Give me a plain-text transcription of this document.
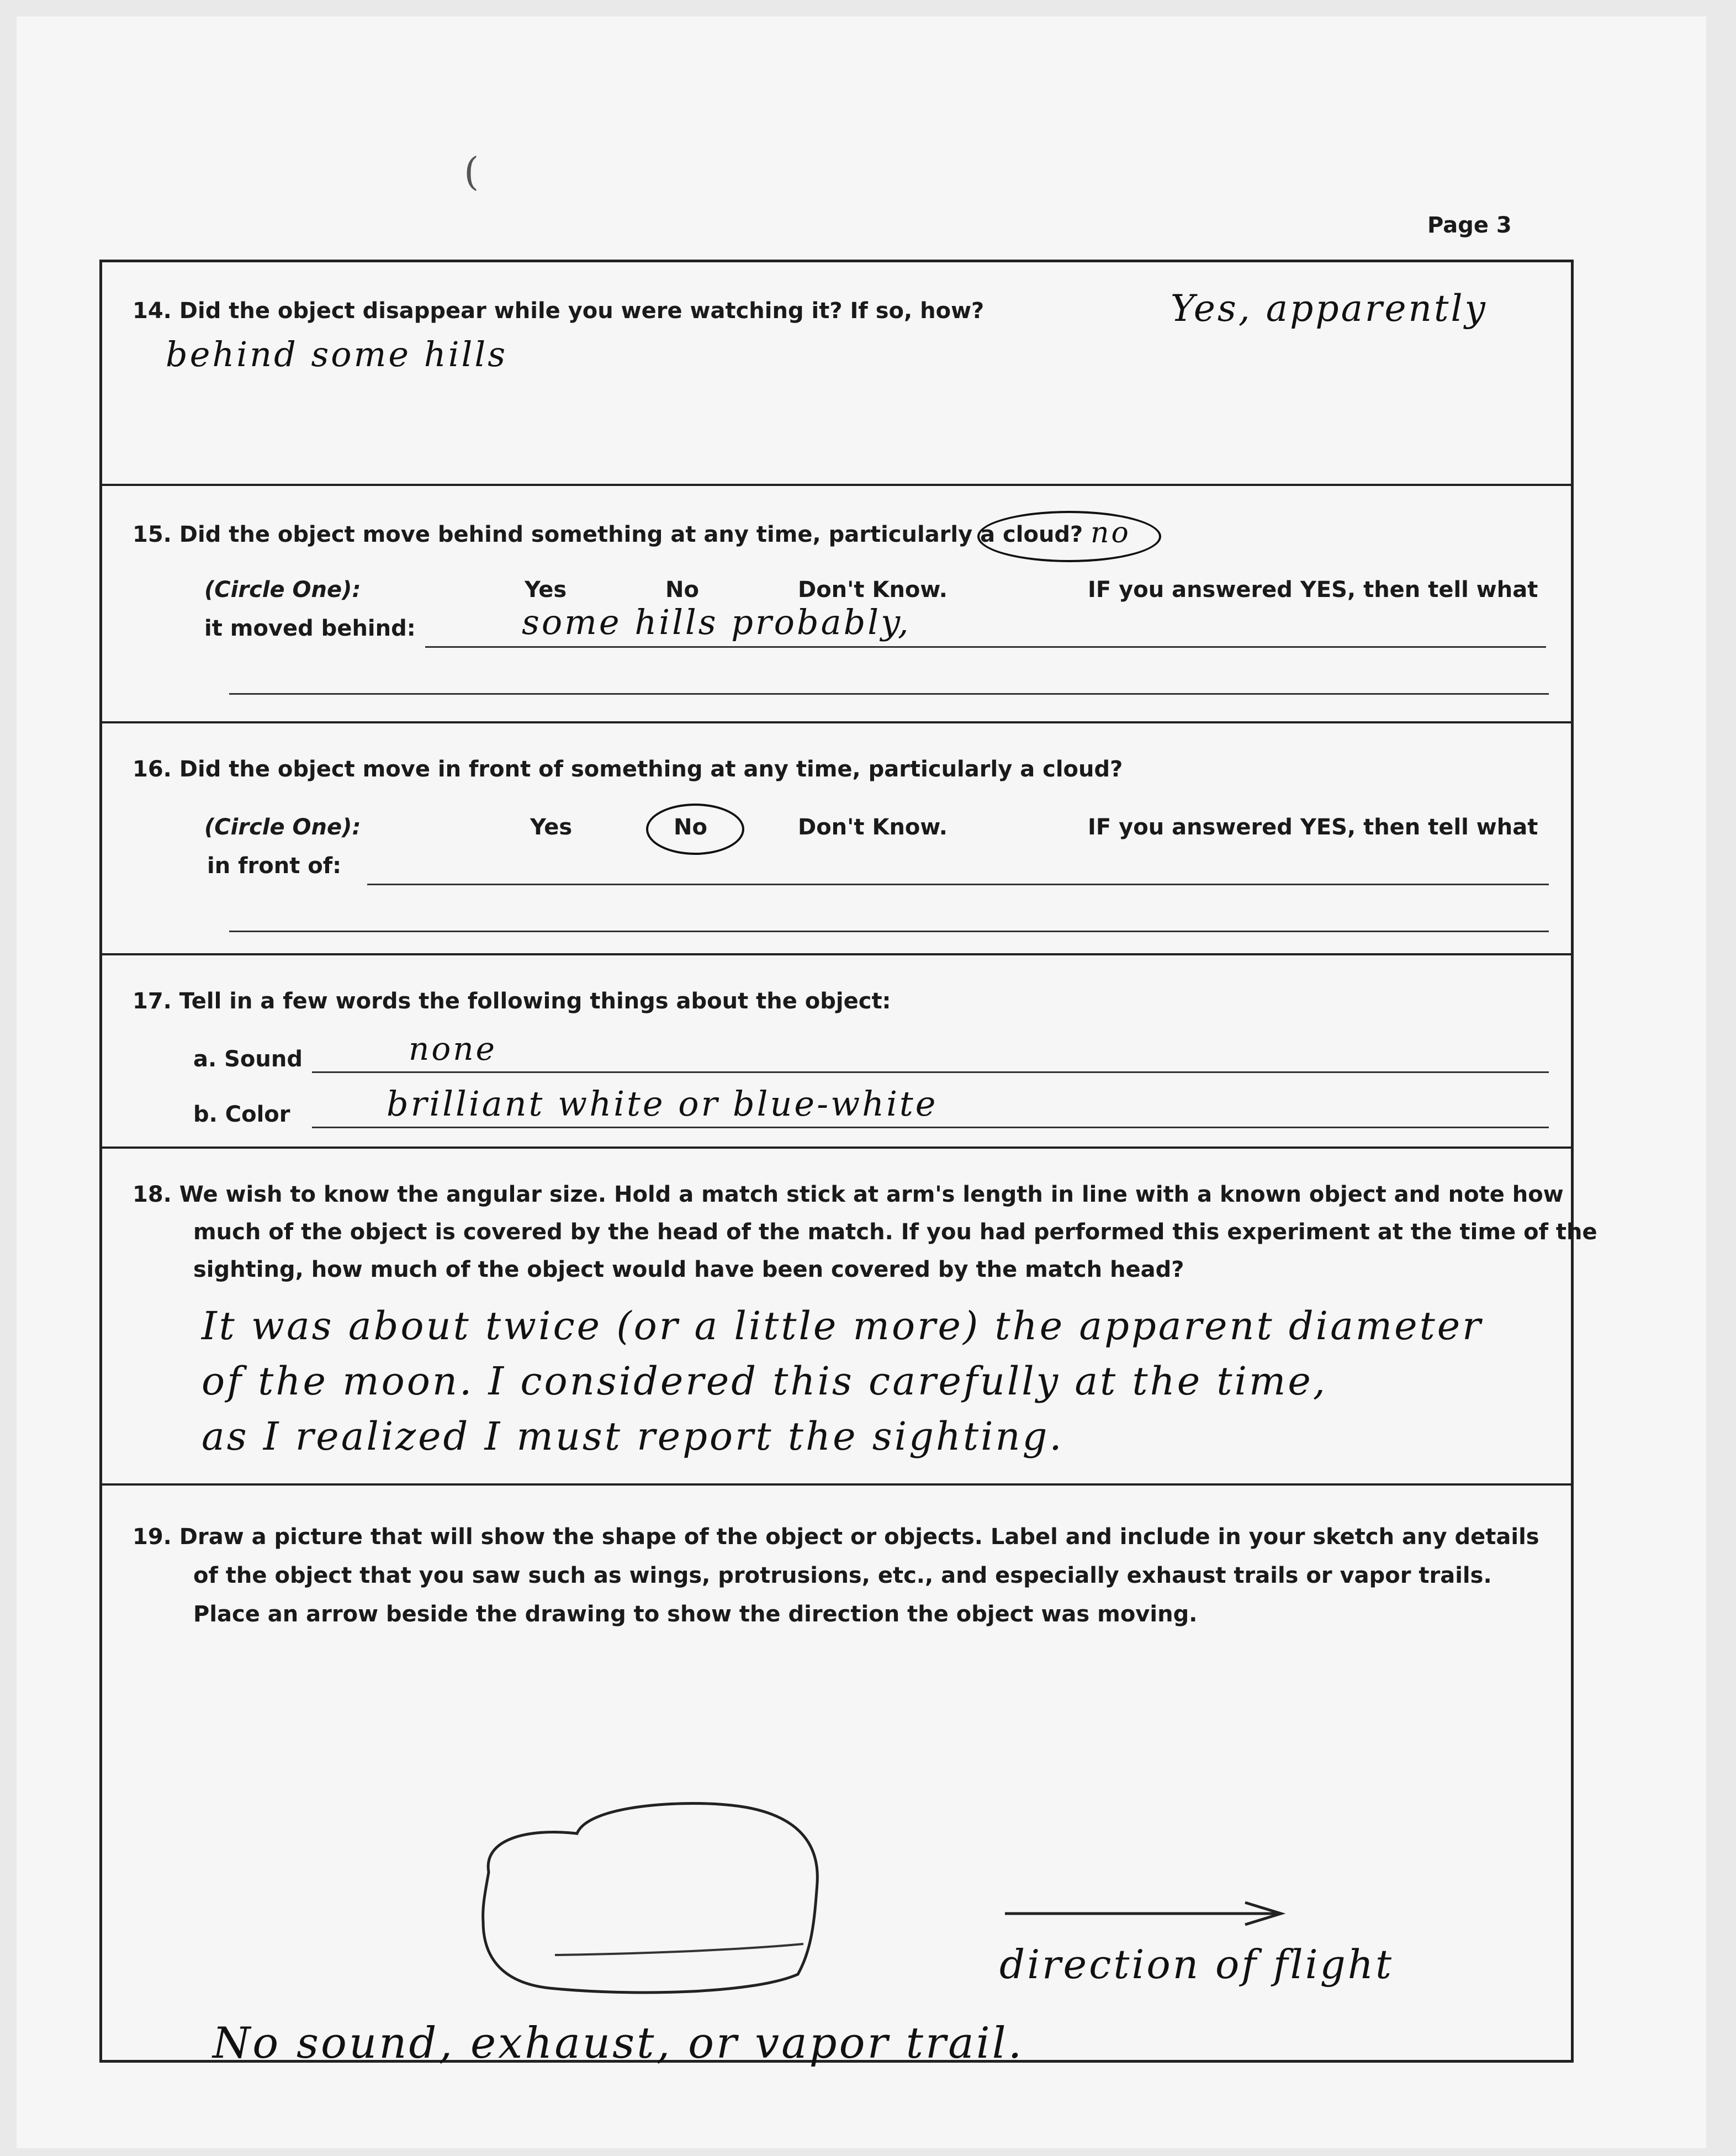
(
Page 3
14. Did the object disappear while you were watching it? If so, how?	Yes, apparently
behind some hills
15. Did the object move behind something at any time, particularly a cloud? no
(Circle One):	Yes	No	Don't Know.	IF you answered YES, then tell what
it moved behind:	some hills probably,
16. Did the object move in front of something at any time, particularly a cloud?
(Circle One):	Yes	No	Don't Know.	IF you answered YES, then tell what
in front of:
17. Tell in a few words the following things about the object:
a. Sound	none
b. Color	brilliant white or blue-white
18. We wish to know the angular size. Hold a match stick at arm's length in line with a known object and note how
much of the object is covered by the head of the match. If you had performed this experiment at the time of the
sighting, how much of the object would have been covered by the match head?
It was about twice (or a little more) the apparent diameter
of the moon. I considered this carefully at the time,
as I realized I must report the sighting.
19. Draw a picture that will show the shape of the object or objects. Label and include in your sketch any details
of the object that you saw such as wings, protrusions, etc., and especially exhaust trails or vapor trails.
Place an arrow beside the drawing to show the direction the object was moving.
direction of flight
No sound, exhaust, or vapor trail.
